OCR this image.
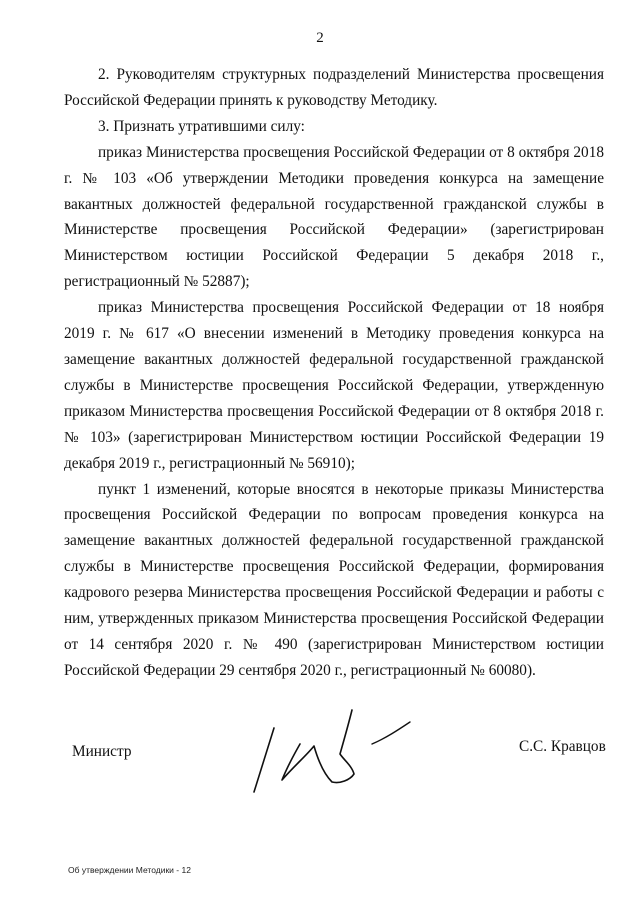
2

2. Руководителям структурных подразделений Министерства просвещения Российской Федерации принять к руководству Методику.

3. Признать утратившими силу:

приказ Министерства просвещения Российской Федерации от 8 октября 2018 г. № 103 «Об утверждении Методики проведения конкурса на замещение вакантных должностей федеральной государственной гражданской службы в Министерстве просвещения Российской Федерации» (зарегистрирован Министерством юстиции Российской Федерации 5 декабря 2018 г., регистрационный № 52887);

приказ Министерства просвещения Российской Федерации от 18 ноября 2019 г. № 617 «О внесении изменений в Методику проведения конкурса на замещение вакантных должностей федеральной государственной гражданской службы в Министерстве просвещения Российской Федерации, утвержденную приказом Министерства просвещения Российской Федерации от 8 октября 2018 г. № 103» (зарегистрирован Министерством юстиции Российской Федерации 19 декабря 2019 г., регистрационный № 56910);

пункт 1 изменений, которые вносятся в некоторые приказы Министерства просвещения Российской Федерации по вопросам проведения конкурса на замещение вакантных должностей федеральной государственной гражданской службы в Министерстве просвещения Российской Федерации, формирования кадрового резерва Министерства просвещения Российской Федерации и работы с ним, утвержденных приказом Министерства просвещения Российской Федерации от 14 сентября 2020 г. № 490 (зарегистрирован Министерством юстиции Российской Федерации 29 сентября 2020 г., регистрационный № 60080).

Министр	С.С. Кравцов
Об утверждении Методики - 12
